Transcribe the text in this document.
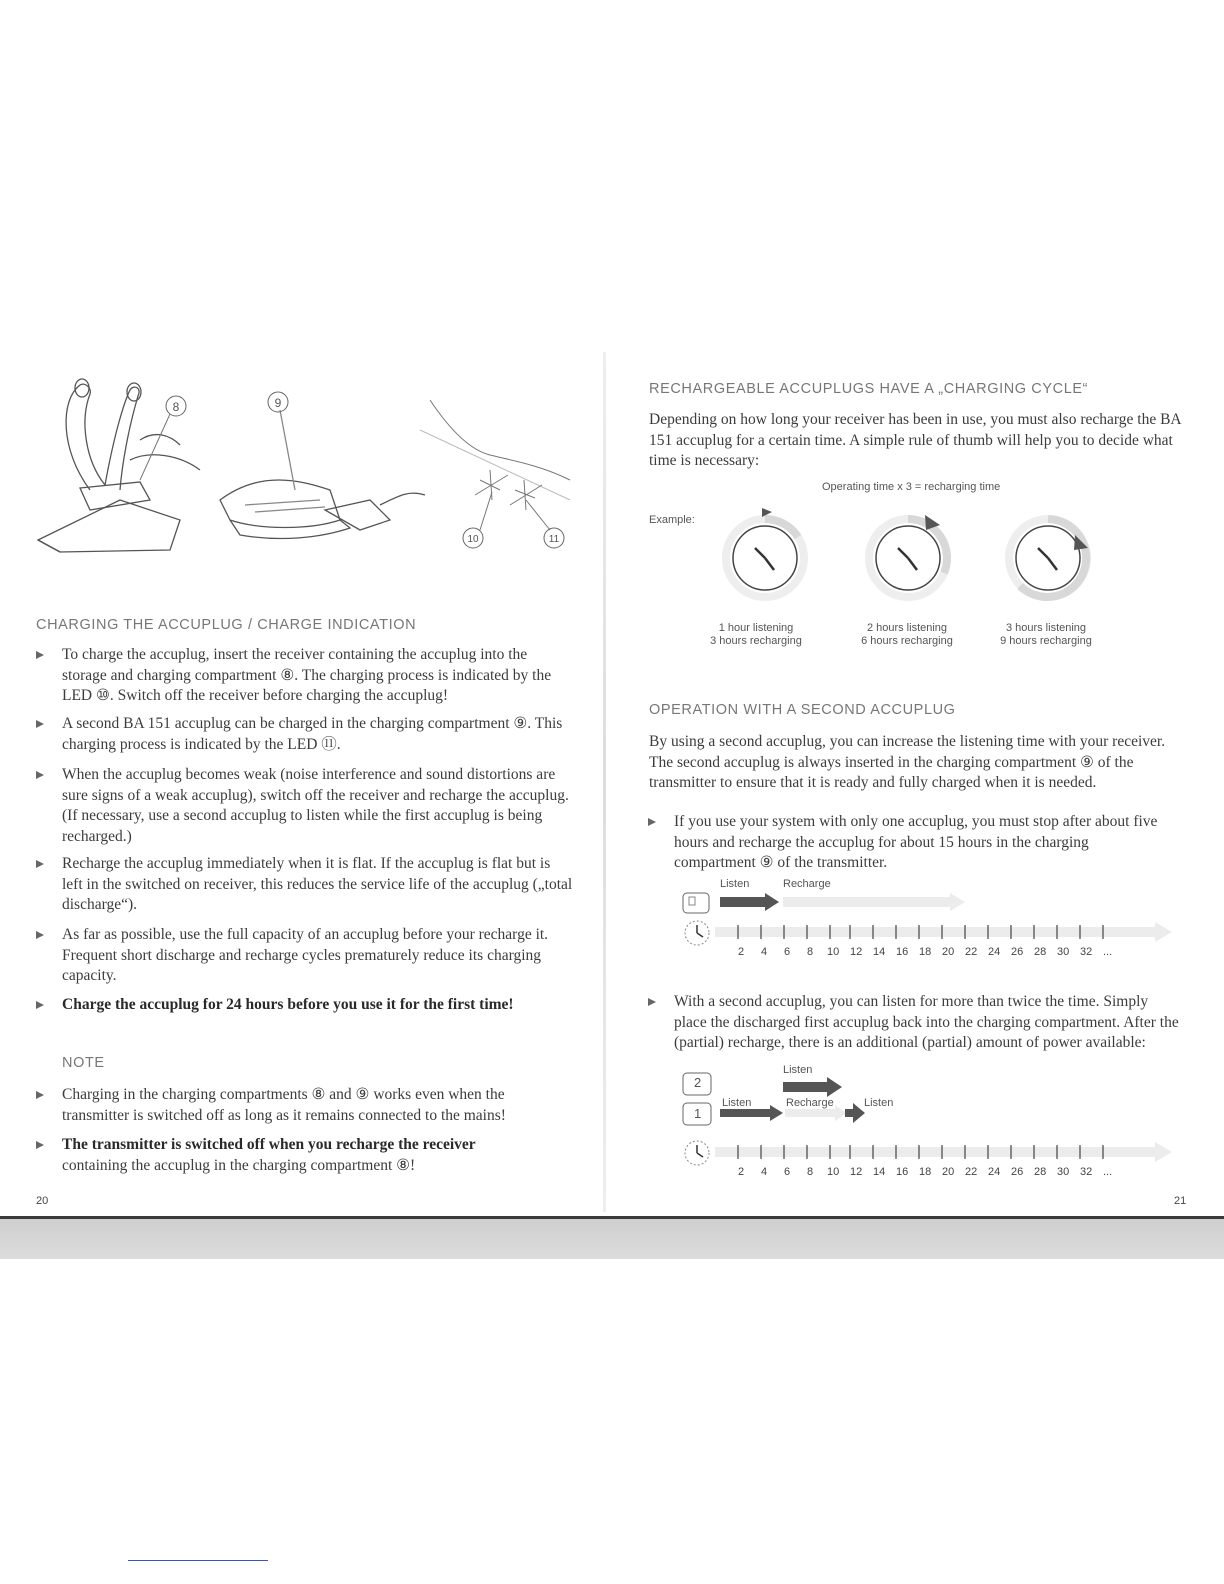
8	9
10	11
CHARGING THE ACCUPLUG / CHARGE INDICATION
To charge the accuplug, insert the receiver containing the accuplug into the storage and charging compartment ⑧. The charging process is indicated by the LED ⑩. Switch off the receiver before charging the accuplug!
A second BA 151 accuplug can be charged in the charging compartment ⑨. This charging process is indicated by the LED ⑪.
When the accuplug becomes weak (noise interference and sound distortions are sure signs of a weak accuplug), switch off the receiver and recharge the accuplug. (If necessary, use a second accuplug to listen while the first accuplug is being recharged.)
Recharge the accuplug immediately when it is flat. If the accuplug is flat but is left in the switched on receiver, this reduces the service life of the accuplug („total discharge“).
As far as possible, use the full capacity of an accuplug before your recharge it. Frequent short discharge and recharge cycles prematurely reduce its charging capacity.
Charge the accuplug for 24 hours before you use it for the first time!
NOTE
Charging in the charging compartments ⑧ and ⑨ works even when the transmitter is switched off as long as it remains connected to the mains!
The transmitter is switched off when you recharge the receiver
containing the accuplug in the charging compartment ⑧!
20
RECHARGEABLE ACCUPLUGS HAVE A „CHARGING CYCLE“
Depending on how long your receiver has been in use, you must also recharge the BA 151 accuplug for a certain time. A simple rule of thumb will help you to decide what time is necessary:
Operating time x 3 = recharging time
Example:
1 hour listening
3 hours recharging
2 hours listening
6 hours recharging
3 hours listening
9 hours recharging
OPERATION WITH A SECOND ACCUPLUG
By using a second accuplug, you can increase the listening time with your receiver. The second accuplug is always inserted in the charging compartment ⑨ of the transmitter to ensure that it is ready and fully charged when it is needed.
If you use your system with only one accuplug, you must stop after about five hours and recharge the accuplug for about 15 hours in the charging compartment ⑨ of the transmitter.
Listen	Recharge
2 4 6 8 10 12 14 16 18 20 22 24 26 28 30 32 ...
With a second accuplug, you can listen for more than twice the time. Simply place the discharged first accuplug back into the charging compartment. After the (partial) recharge, there is an additional (partial) amount of power available:
Listen
Listen	Recharge	Listen
2
1
2 4 6 8 10 12 14 16 18 20 22 24 26 28 30 32 ...
21
